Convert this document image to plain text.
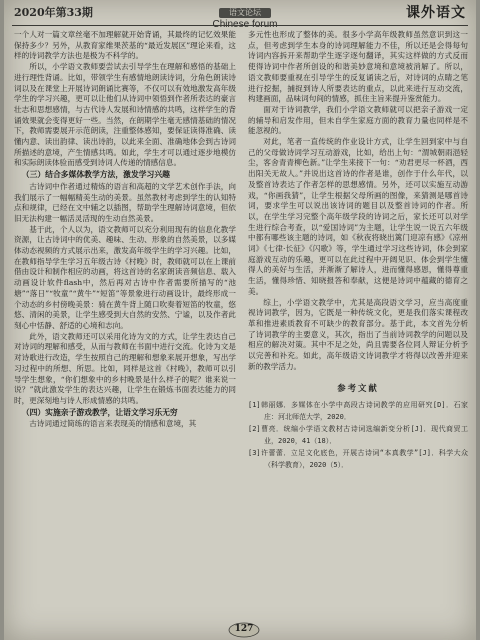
2020年第33期	语文论坛	课外语文

一个人对一篇文章丝毫不加理解就开始背诵，其最终的记忆效果能保持多少？另外，从教育家维果茨基的“最近发展区”理论来看，这样的诗词教学方法也是极为不科学的。

所以，小学语文教师要尝试去引导学生在理解和感悟的基础上进行理性背诵。比如，带领学生有感情地朗读诗词，分角色朗读诗词以及在课堂上开展诗词朗诵比赛等，不仅可以有效地激发高年级学生的学习兴趣，更可以让他们从诗词中领悟到作者所表达的豪言壮志和思想感情，与古代诗人发展和诗情感的共鸣，这样学生的背诵效果就会变得更好一些。当然，在朗期学生毫无感情基础的情况下，教师需要展开示范朗读，注重整体感知，要保证读得准确、读懂内意、读出韵律、读出诗韵，以此来全面、准确地体会到古诗词所描述的意境，产生情感共鸣。如此，学生才可以通过逐步地模仿和实际朗读体验而感受到诗词人传递的情感信息。

（三）结合多媒体教学方法，激发学习兴趣

古诗词中作者通过精炼的语言和高超的文学艺术创作手法，向我们展示了一幅幅精美生动的美景。虽然教材考虑到学生的认知特点和规律，已经在文中辅之以插图，帮助学生理解诗词意境，但依旧无法构建一幅活灵活现的生动自然美景。

基于此，个人以为，语文教师可以充分利用现有的信息化教学资源，让古诗词中的优美、趣味、生动、形象的自然美景，以多媒体动态视频的方式展示出来，激发高年级学生的学习兴趣。比如，在教师指导学生学习五年级古诗《村晚》时，教师就可以在上课前借由设计和制作相应的动画，将这首诗的名家朗读音频信息、载入动画设计软件flash中，然后再对古诗中作者需要所描写的“池塘”“落日”“牧童”“黄牛”“短笛”等景象进行动画设计，最终形成一个动态的乡村傍晚美景：骑在黄牛背上随口吹奏着短笛的牧童，悠悠、清闲的美景，让学生感受到大自然的安然、宁谧，以及作者此刻心中恬静、舒适的心境和志向。

此外，语文教师还可以采用化诗为文的方式，让学生表达自己对诗词的理解和感受，从而与教师在书面中进行交流。化诗为文是对诗歌进行改造，学生按照自己的理解和想象来展开想象，写出学习过程中的所想、所思。比如，同样是这首《村晚》，教师可以引导学生想象，“你们想象中的乡村晚景是什么样子的呢？谁来说一说？”就此激发学生的表达兴趣，让学生在锻炼书面表达能力的同时，更深刻地与诗人形成情感的共鸣。

（四）实施亲子游戏教学，让语文学习乐无穷

古诗词通过简练的语言来表现美的情感和意境，其

多元性也形成了整体的美。很多小学高年级教师虽然意识到这一点，但考虑到学生本身的诗词理解能力不佳，所以还是会得每句诗词内容拆开来帮助学生逐字逐句翻译，其实这样做的方式反而使得诗词中作者所创设的和谐美妙意境和意境被消解了。所以，语文教师要重视在引导学生的反复诵读之后，对诗词的点睛之笔进行挖掘，捕捉到诗人所要表达的重点，以此来进行互动交流，构建画面，品味词句间的情感，抓住主旨来提升鉴赏能力。

面对于诗词教学，我们小学语文教师就可以把亲子游戏一定的辅导和启发作用，但未自学生家庭方面的教育力量也同样是不能忽视的。

对此，笔者一直传统的作业设计方式，让学生回到家中与自己的父母做诗词学习互动游戏，比如，给出上句：“渭城朝雨浥轻尘，客舍青青柳色新。”让学生来接下一句：“劝君更尽一杯酒，西出阳关无故人。”并说出这首诗的作者是谁，创作于什么年代，以及整首诗表达了作者怎样的思想感情。另外，还可以实施互动游戏，“你画我猜”，让学生根据父母所画的图像，来猜测是哪首诗词，要求学生可以说出该诗词的题目以及整首诗词的作者。所以，在学生学习完整个高年级学段的诗词之后，家长还可以对学生进行综合考查，以“爱国诗词”为主题，让学生说一说五六年级中都有哪些该主题的诗词，如《秋夜将晓出篱门迎凉有感》《凉州词》《七律·长征》《闪歌》等，学生通过学习这些诗词，体会到家庭游戏互动的乐趣，更可以在此过程中开阔见识、体会到学生懂得人的美好与生活，并渐渐了解诗人，进而懂得感恩，懂得尊重生活，懂得珍惜、知晓报答和奉献，这便是诗词中蕴藏的德育之美。

综上，小学语文教学中，尤其是高段语文学习，应当高度重视诗词教学，因为，它既是一种传统文化，更是我们落实课程改革和推进素质教育不可缺少的教育部分。基于此，本文首先分析了诗词教学的主要意义，其次，指出了当前诗词教学的问题以及相应的解决对策。其中不足之处，尚且需要各位同人辩证分析予以完善和补充。如此，高年级语文诗词教学才将得以改善并迎来新的教学活力。

参考文献
[1]韩丽娜．多媒体在小学中高段古诗词教学的应用研究[D]．石家庄：河北师范大学，2020．
[2]曹亮．统编小学语文教材古诗词选编新变分析[J]．现代商贸工业，2020，41（18）．
[3]许蕾蕾．立足文化底色，开展古诗词“本真教学”[J]．科学大众（科学教育），2020（5）．
127
